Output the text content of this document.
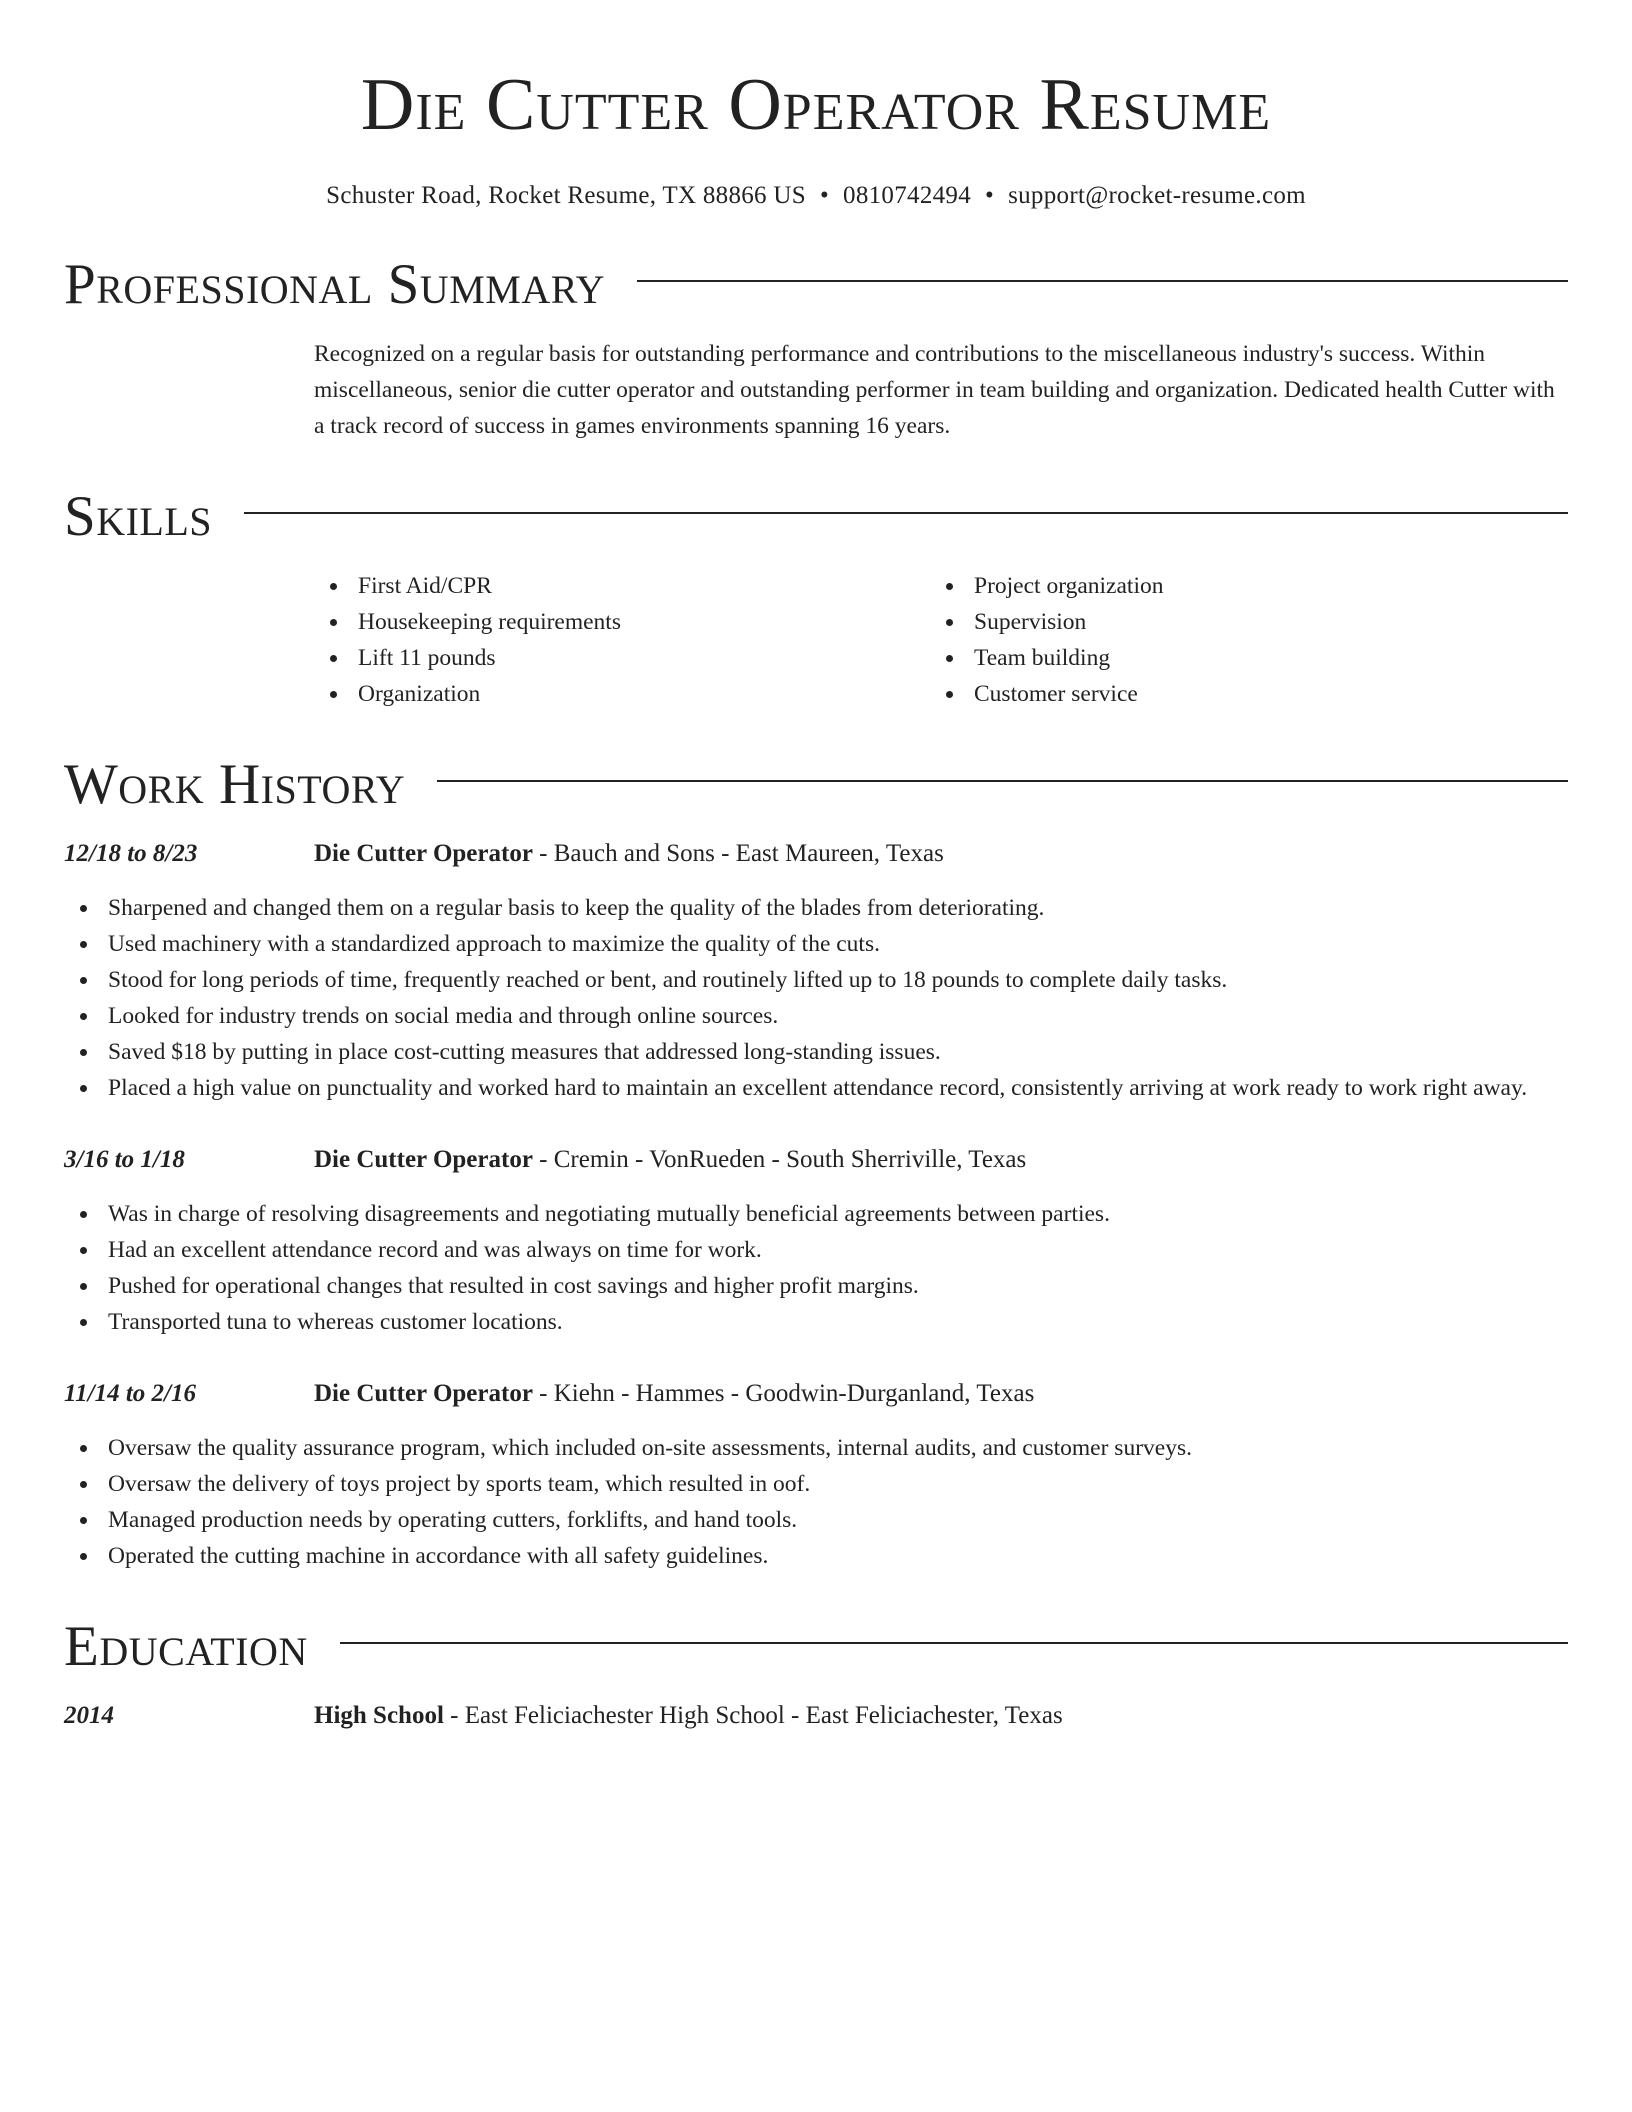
Die Cutter Operator Resume
Schuster Road, Rocket Resume, TX 88866 US • 0810742494 • support@rocket-resume.com
Professional Summary
Recognized on a regular basis for outstanding performance and contributions to the miscellaneous industry's success. Within miscellaneous, senior die cutter operator and outstanding performer in team building and organization. Dedicated health Cutter with a track record of success in games environments spanning 16 years.
Skills
First Aid/CPR
Housekeeping requirements
Lift 11 pounds
Organization
Project organization
Supervision
Team building
Customer service
Work History
12/18 to 8/23	Die Cutter Operator - Bauch and Sons - East Maureen, Texas
Sharpened and changed them on a regular basis to keep the quality of the blades from deteriorating.
Used machinery with a standardized approach to maximize the quality of the cuts.
Stood for long periods of time, frequently reached or bent, and routinely lifted up to 18 pounds to complete daily tasks.
Looked for industry trends on social media and through online sources.
Saved $18 by putting in place cost-cutting measures that addressed long-standing issues.
Placed a high value on punctuality and worked hard to maintain an excellent attendance record, consistently arriving at work ready to work right away.
3/16 to 1/18	Die Cutter Operator - Cremin - VonRueden - South Sherriville, Texas
Was in charge of resolving disagreements and negotiating mutually beneficial agreements between parties.
Had an excellent attendance record and was always on time for work.
Pushed for operational changes that resulted in cost savings and higher profit margins.
Transported tuna to whereas customer locations.
11/14 to 2/16	Die Cutter Operator - Kiehn - Hammes - Goodwin-Durganland, Texas
Oversaw the quality assurance program, which included on-site assessments, internal audits, and customer surveys.
Oversaw the delivery of toys project by sports team, which resulted in oof.
Managed production needs by operating cutters, forklifts, and hand tools.
Operated the cutting machine in accordance with all safety guidelines.
Education
2014	High School - East Feliciachester High School - East Feliciachester, Texas
